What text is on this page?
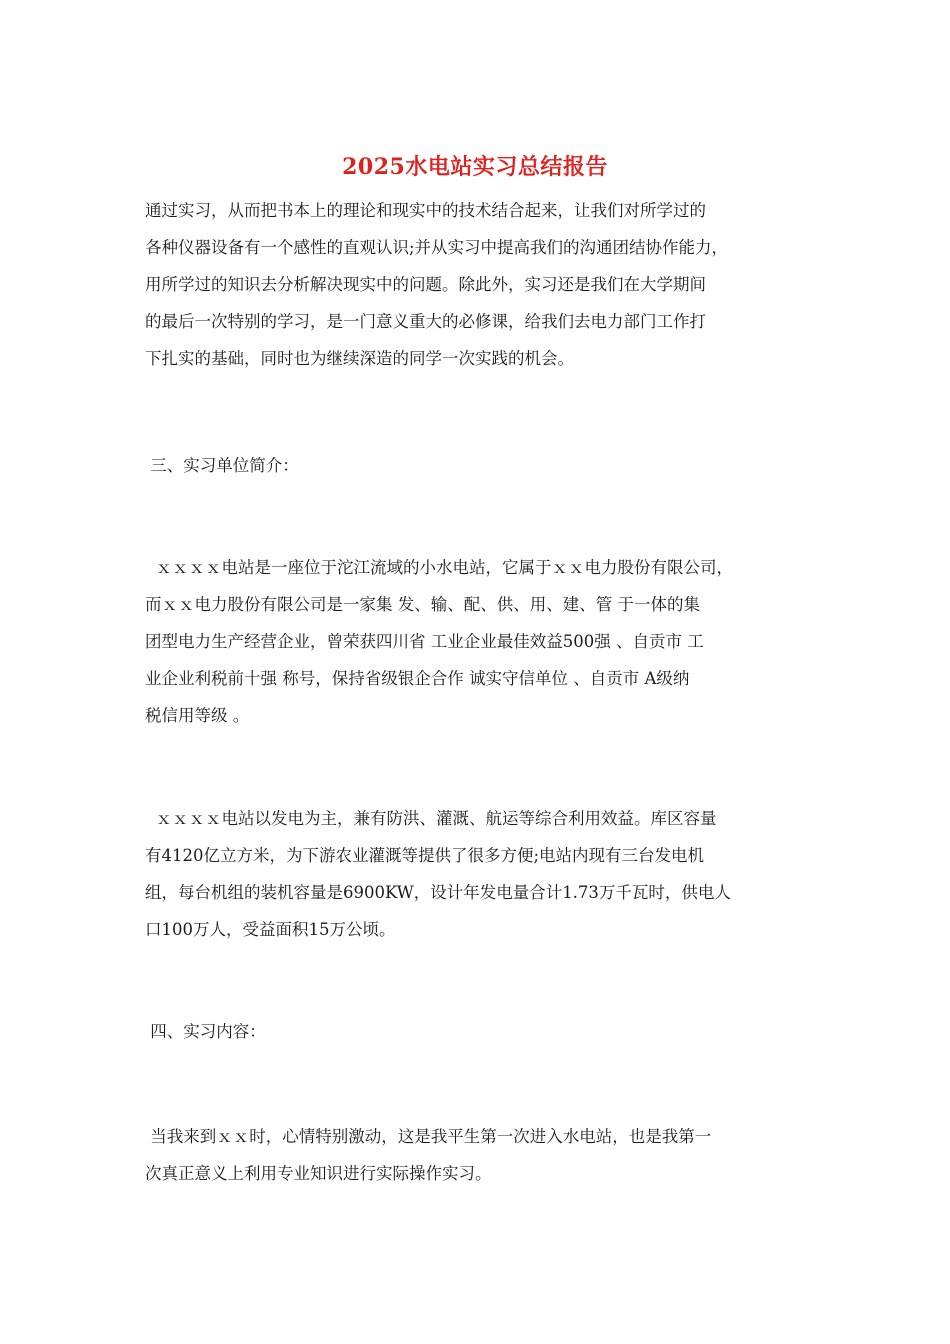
2025水电站实习总结报告
通过实习，从而把书本上的理论和现实中的技术结合起来，让我们对所学过的
各种仪器设备有一个感性的直观认识;并从实习中提高我们的沟通团结协作能力，
用所学过的知识去分析解决现实中的问题。除此外，实习还是我们在大学期间
的最后一次特别的学习，是一门意义重大的必修课，给我们去电力部门工作打
下扎实的基础，同时也为继续深造的同学一次实践的机会。
三、实习单位简介：
ｘｘｘｘ电站是一座位于沱江流域的小水电站，它属于ｘｘ电力股份有限公司，
而ｘｘ电力股份有限公司是一家集 发、输、配、供、用、建、管 于一体的集
团型电力生产经营企业，曾荣获四川省 工业企业最佳效益500强 、自贡市 工
业企业利税前十强 称号，保持省级银企合作 诚实守信单位 、自贡市 A级纳
税信用等级 。
ｘｘｘｘ电站以发电为主，兼有防洪、灌溉、航运等综合利用效益。库区容量
有4120亿立方米，为下游农业灌溉等提供了很多方便;电站内现有三台发电机
组，每台机组的装机容量是6900KW，设计年发电量合计1.73万千瓦时，供电人
口100万人，受益面积15万公顷。
四、实习内容：
当我来到ｘｘ时，心情特别激动，这是我平生第一次进入水电站，也是我第一
次真正意义上利用专业知识进行实际操作实习。
